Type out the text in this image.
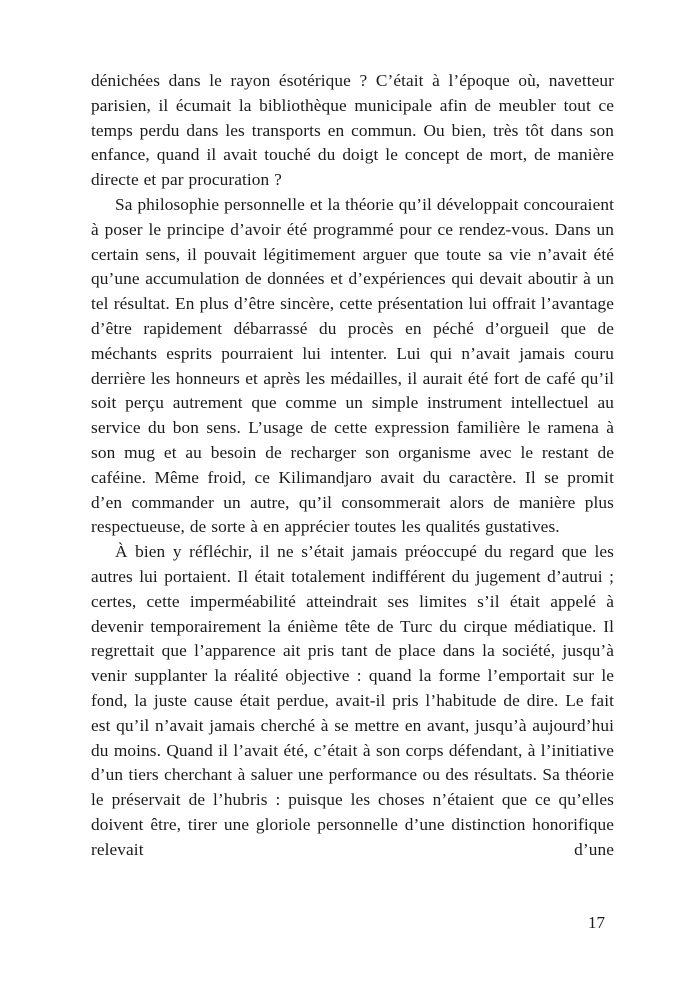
dénichées dans le rayon ésotérique ? C’était à l’époque où, navetteur parisien, il écumait la bibliothèque municipale afin de meubler tout ce temps perdu dans les transports en commun. Ou bien, très tôt dans son enfance, quand il avait touché du doigt le concept de mort, de manière directe et par procuration ?

Sa philosophie personnelle et la théorie qu’il développait concouraient à poser le principe d’avoir été programmé pour ce rendez-vous. Dans un certain sens, il pouvait légitimement arguer que toute sa vie n’avait été qu’une accumulation de données et d’expériences qui devait aboutir à un tel résultat. En plus d’être sincère, cette présentation lui offrait l’avantage d’être rapidement débarrassé du procès en péché d’orgueil que de méchants esprits pourraient lui intenter. Lui qui n’avait jamais couru derrière les honneurs et après les médailles, il aurait été fort de café qu’il soit perçu autrement que comme un simple instrument intellectuel au service du bon sens. L’usage de cette expression familière le ramena à son mug et au besoin de recharger son organisme avec le restant de caféine. Même froid, ce Kilimandjaro avait du caractère. Il se promit d’en commander un autre, qu’il consommerait alors de manière plus respectueuse, de sorte à en apprécier toutes les qualités gustatives.

À bien y réfléchir, il ne s’était jamais préoccupé du regard que les autres lui portaient. Il était totalement indifférent du jugement d’autrui ; certes, cette imperméabilité atteindrait ses limites s’il était appelé à devenir temporairement la énième tête de Turc du cirque médiatique. Il regrettait que l’apparence ait pris tant de place dans la société, jusqu’à venir supplanter la réalité objective : quand la forme l’emportait sur le fond, la juste cause était perdue, avait-il pris l’habitude de dire. Le fait est qu’il n’avait jamais cherché à se mettre en avant, jusqu’à aujourd’hui du moins. Quand il l’avait été, c’était à son corps défendant, à l’initiative d’un tiers cherchant à saluer une performance ou des résultats. Sa théorie le préservait de l’hubris : puisque les choses n’étaient que ce qu’elles doivent être, tirer une gloriole personnelle d’une distinction honorifique relevait d’une

17
